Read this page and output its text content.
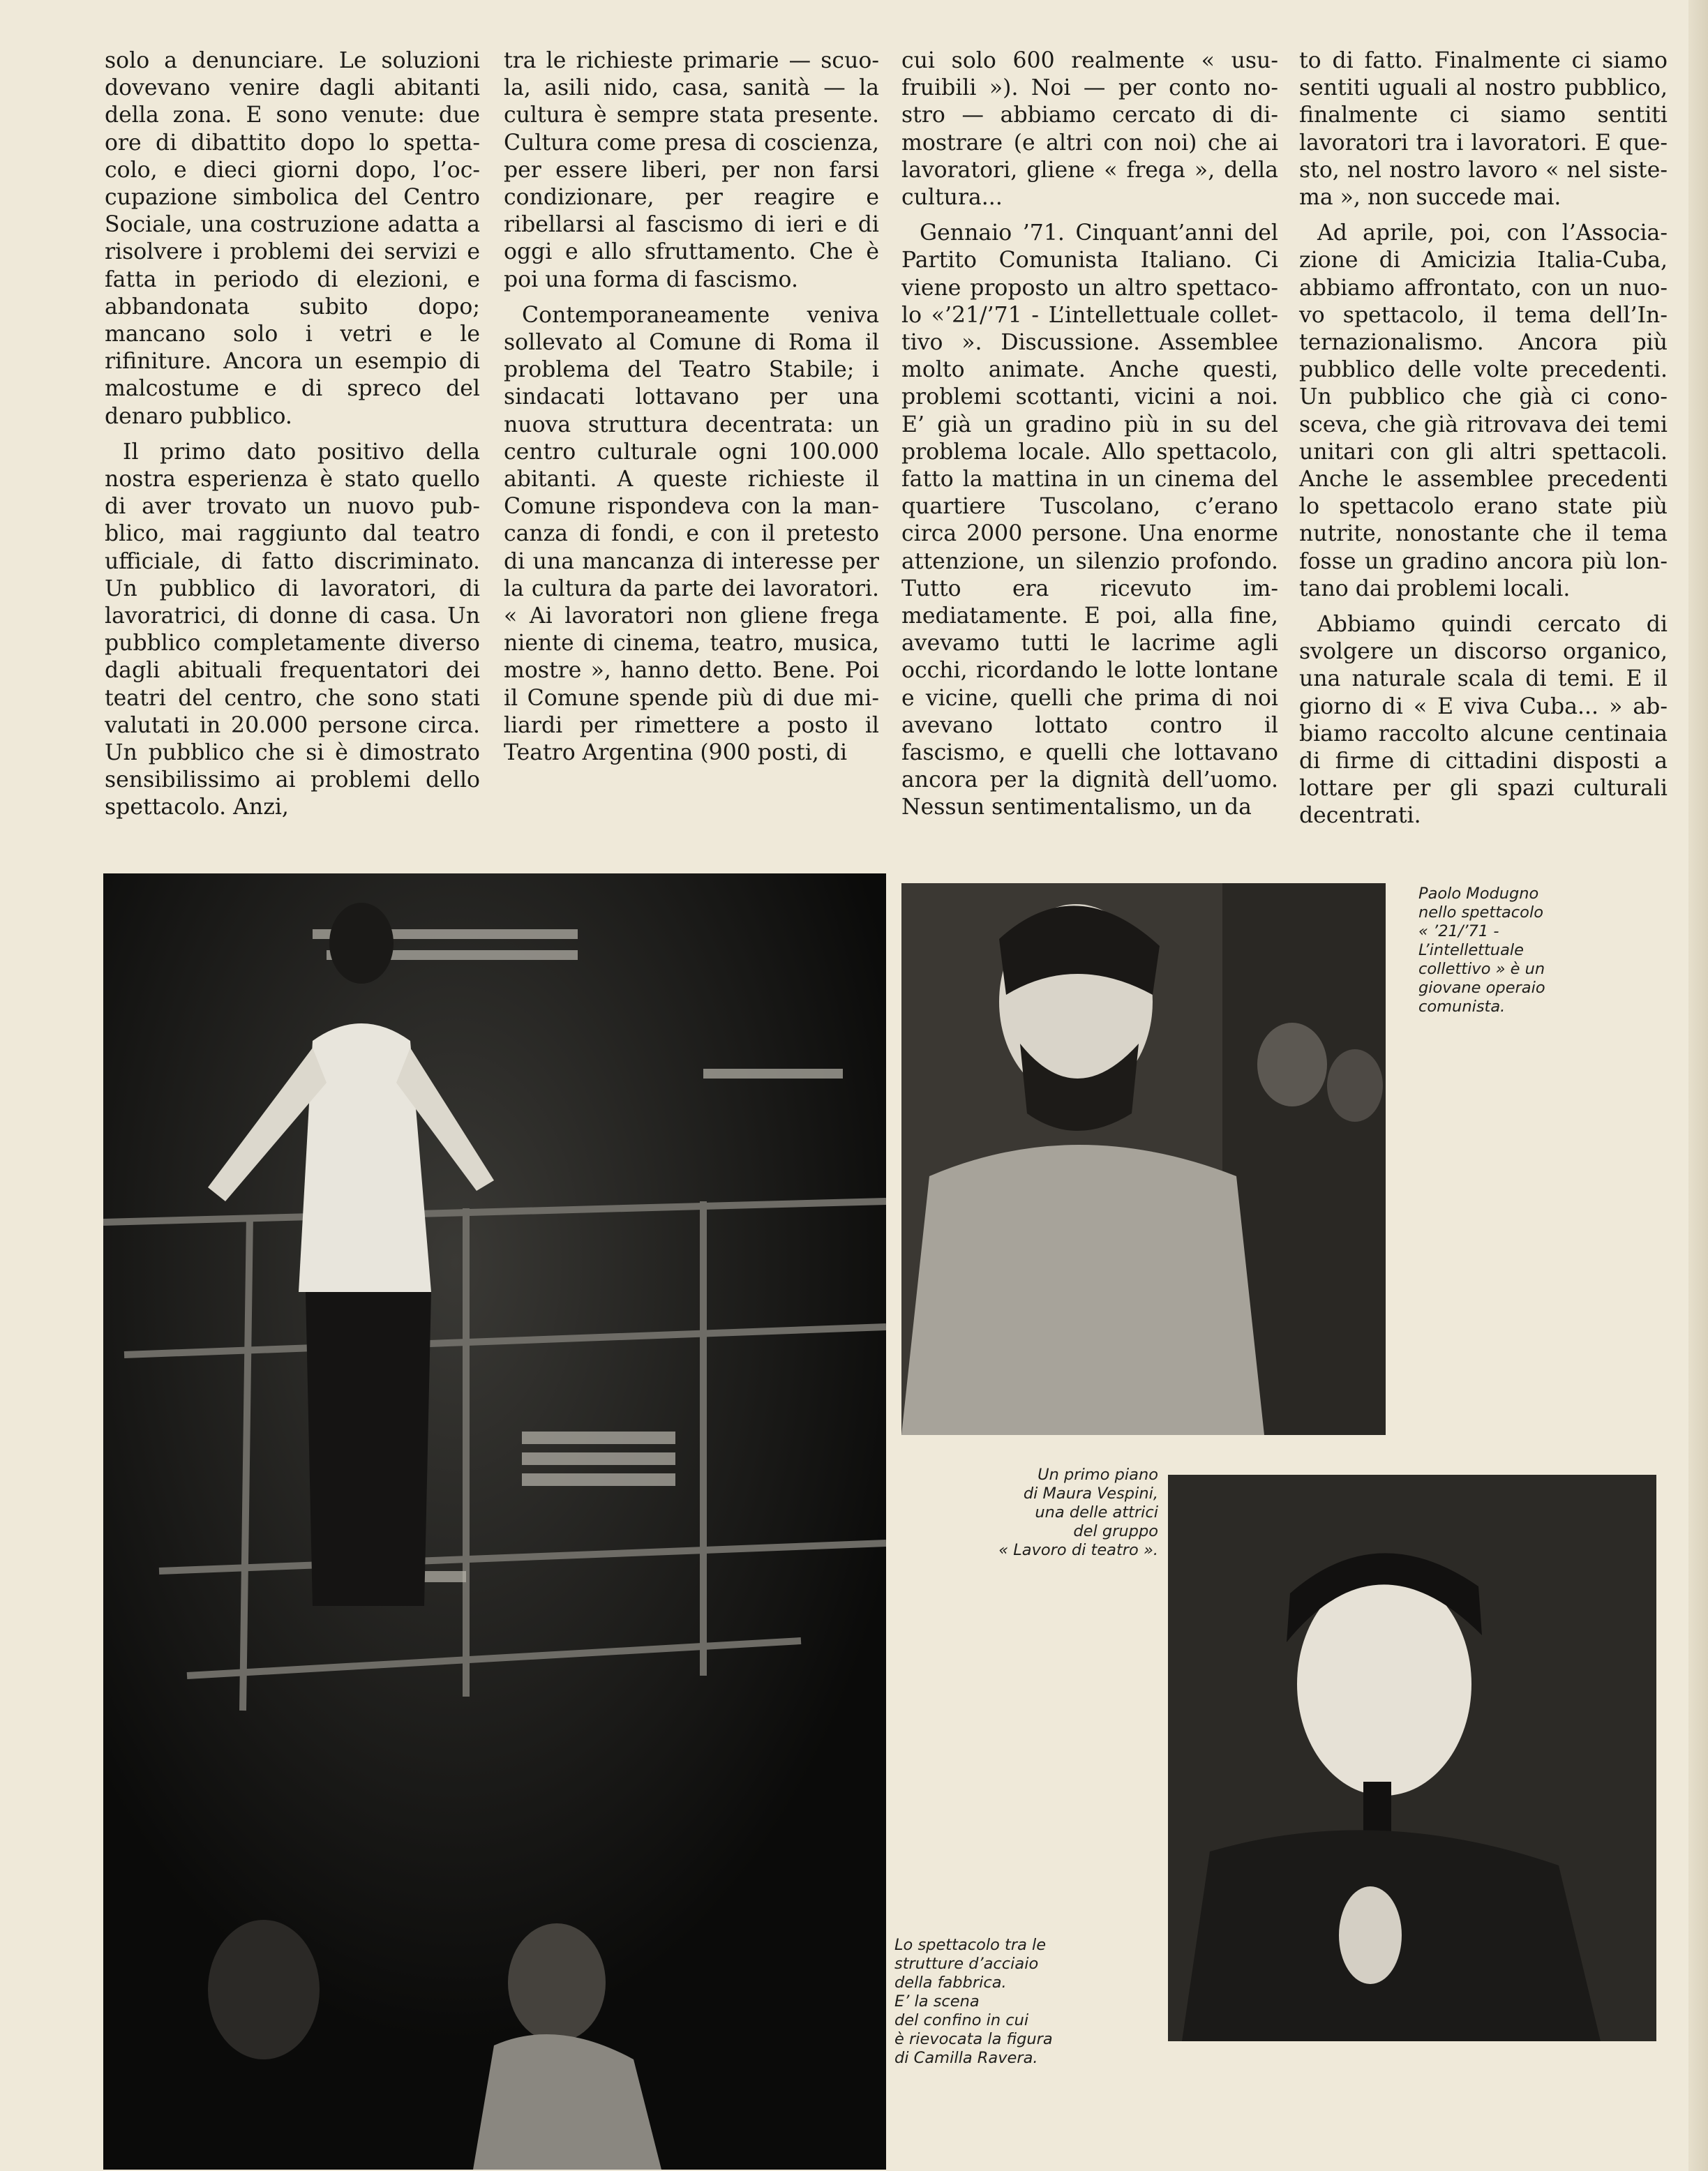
solo a denunciare. Le soluzioni dovevano venire dagli abitanti della zona. E sono venute: due ore di dibattito dopo lo spettacolo, e dieci giorni dopo, l’occupazione simbolica del Centro Sociale, una costruzione adatta a risolvere i problemi dei servizi e fatta in periodo di elezioni, e abbandonata subito dopo; mancano solo i vetri e le rifiniture. Ancora un esempio di malcostume e di spreco del denaro pubblico.

Il primo dato positivo della nostra esperienza è stato quello di aver trovato un nuovo pubblico, mai raggiunto dal teatro ufficiale, di fatto discriminato. Un pubblico di lavoratori, di lavoratrici, di donne di casa. Un pubblico completamente diverso dagli abituali frequentatori dei teatri del centro, che sono stati valutati in 20.000 persone circa. Un pubblico che si è dimostrato sensibilissimo ai problemi dello spettacolo. Anzi,

tra le richieste primarie — scuola, asili nido, casa, sanità — la cultura è sempre stata presente. Cultura come presa di coscienza, per essere liberi, per non farsi condizionare, per reagire e ribellarsi al fascismo di ieri e di oggi e allo sfruttamento. Che è poi una forma di fascismo.

Contemporaneamente veniva sollevato al Comune di Roma il problema del Teatro Stabile; i sindacati lottavano per una nuova struttura decentrata: un centro culturale ogni 100.000 abitanti. A queste richieste il Comune rispondeva con la mancanza di fondi, e con il pretesto di una mancanza di interesse per la cultura da parte dei lavoratori. « Ai lavoratori non gliene frega niente di cinema, teatro, musica, mostre », hanno detto. Bene. Poi il Comune spende più di due miliardi per rimettere a posto il Teatro Argentina (900 posti, di

cui solo 600 realmente « usufruibili »). Noi — per conto nostro — abbiamo cercato di dimostrare (e altri con noi) che ai lavoratori, gliene « frega », della cultura...

Gennaio ’71. Cinquant’anni del Partito Comunista Italiano. Ci viene proposto un altro spettacolo «’21/’71 - L’intellettuale collettivo ». Discussione. Assemblee molto animate. Anche questi, problemi scottanti, vicini a noi. E’ già un gradino più in su del problema locale. Allo spettacolo, fatto la mattina in un cinema del quartiere Tuscolano, c’erano circa 2000 persone. Una enorme attenzione, un silenzio profondo. Tutto era ricevuto immediatamente. E poi, alla fine, avevamo tutti le lacrime agli occhi, ricordando le lotte lontane e vicine, quelli che prima di noi avevano lottato contro il fascismo, e quelli che lottavano ancora per la dignità dell’uomo. Nessun sentimentalismo, un da

to di fatto. Finalmente ci siamo sentiti uguali al nostro pubblico, finalmente ci siamo sentiti lavoratori tra i lavoratori. E questo, nel nostro lavoro « nel sistema », non succede mai.

Ad aprile, poi, con l’Associazione di Amicizia Italia-Cuba, abbiamo affrontato, con un nuovo spettacolo, il tema dell’Internazionalismo. Ancora più pubblico delle volte precedenti. Un pubblico che già ci conosceva, che già ritrovava dei temi unitari con gli altri spettacoli. Anche le assemblee precedenti lo spettacolo erano state più nutrite, nonostante che il tema fosse un gradino ancora più lontano dai problemi locali.

Abbiamo quindi cercato di svolgere un discorso organico, una naturale scala di temi. E il giorno di « E viva Cuba... » abbiamo raccolto alcune centinaia di firme di cittadini disposti a lottare per gli spazi culturali decentrati.

Lo spettacolo tra le
strutture d’acciaio
della fabbrica.
E’ la scena
del confino in cui
è rievocata la figura
di Camilla Ravera.
Paolo Modugno
nello spettacolo
« ’21/’71 -
L’intellettuale
collettivo » è un
giovane operaio
comunista.
Un primo piano
di Maura Vespini,
una delle attrici
del gruppo
« Lavoro di teatro ».
